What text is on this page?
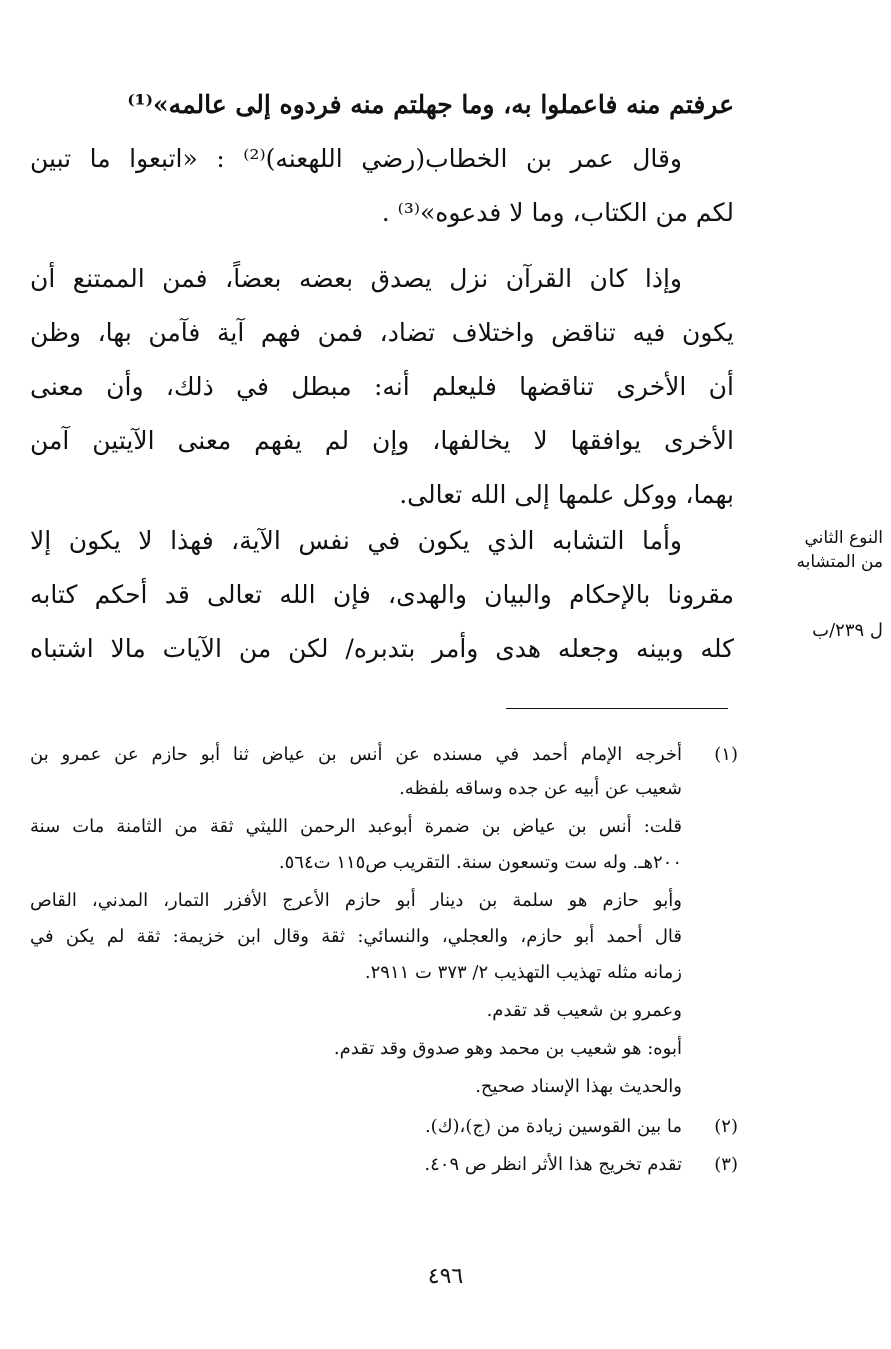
عرفتم منه فاعملوا به، وما جهلتم منه فردوه إلى عالمه»⁽¹⁾
وقال عمر بن الخطاب(رضي اللهعنه)⁽²⁾ : «اتبعوا ما تبين
لكم من الكتاب، وما لا فدعوه»⁽³⁾ .
وإذا كان القرآن نزل يصدق بعضه بعضاً، فمن الممتنع أن
يكون فيه تناقض واختلاف تضاد، فمن فهم آية فآمن بها، وظن
أن الأخرى تناقضها فليعلم أنه: مبطل في ذلك، وأن معنى
الأخرى يوافقها لا يخالفها، وإن لم يفهم معنى الآيتين آمن
بهما، ووكل علمها إلى الله تعالى.
وأما التشابه الذي يكون في نفس الآية، فهذا لا يكون إلا
مقرونا بالإحكام والبيان والهدى، فإن الله تعالى قد أحكم كتابه
كله وبينه وجعله هدى وأمر بتدبره/ لكن من الآيات مالا اشتباه
النوع الثاني
من المتشابه
ل ٢٣٩/ب
(١)
أخرجه الإمام أحمد في مسنده عن أنس بن عياض ثنا أبو حازم عن عمرو بن
شعيب عن أبيه عن جده وساقه بلفظه.
قلت: أنس بن عياض بن ضمرة أبوعبد الرحمن الليثي ثقة من الثامنة مات سنة
٢٠٠هـ. وله ست وتسعون سنة. التقريب ص١١٥ ت٥٦٤.
وأبو حازم هو سلمة بن دينار أبو حازم الأعرج الأفزر التمار، المدني، القاص
قال أحمد أبو حازم، والعجلي، والنسائي: ثقة وقال ابن خزيمة: ثقة لم يكن في
زمانه مثله تهذيب التهذيب ٢/ ٣٧٣ ت ٢٩١١.
وعمرو بن شعيب قد تقدم.
أبوه: هو شعيب بن محمد وهو صدوق وقد تقدم.
والحديث بهذا الإسناد صحيح.
(٢)
ما بين القوسين زيادة من (ج)،(ك).
(٣)
تقدم تخريج هذا الأثر انظر ص ٤٠٩.
٤٩٦
